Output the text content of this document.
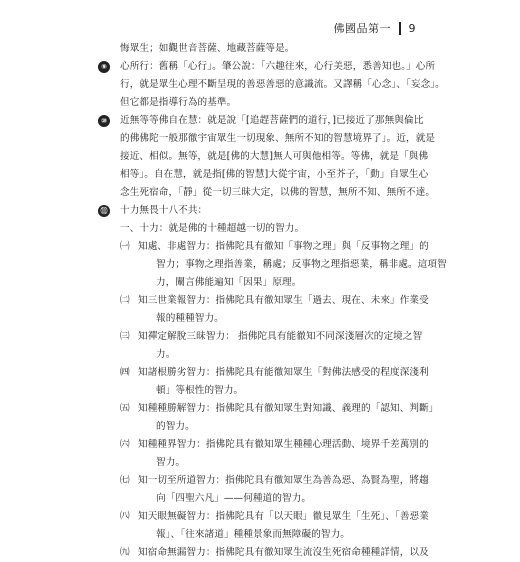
佛國品第一 9
悔眾生；如觀世音菩薩、地藏菩薩等是。
⑨	心所行：舊稱「心行」。肇公說：「六趣往來，心行美惡，悉善知也。」心所
行，就是眾生心理不斷呈現的善惡善惡的意識流。又譯稱「心念」、「妄念」。
但它都是指導行為的基準。
⑩	近無等等佛自在慧：就是說「[追趕菩薩們的道行，]已接近了那無與倫比
的佛佛陀一般那徹宇宙眾生一切現象、無所不知的智慧境界了」。近，就是
接近、相似。無等，就是[佛的大慧]無人可與他相等。等佛，就是「與佛
相等」。自在慧，就是指[佛的智慧]大從宇宙，小至芥子，「動」自眾生心
念生死宿命，「靜」從一切三昧大定，以佛的智慧，無所不知、無所不達。
⑪ 十力無畏十八不共：
一、十力：就是佛的十種超越一切的智力。
㈠ 知處、非處智力：指佛陀具有徹知「事物之理」與「反事物之理」的
智力；事物之理指善業，稱處；反事物之理指惡業，稱非處。這項智
力，闡言佛能遍知「因果」原理。
㈡ 知三世業報智力：指佛陀具有徹知眾生「過去、現在、未來」作業受
報的種種智力。
㈢ 知禪定解脫三昧智力： 指佛陀具有能徹知不同深淺層次的定境之智
力。
㈣ 知諸根勝劣智力：指佛陀具有能徹知眾生「對佛法感受的程度深淺利
頓」等根性的智力。
㈤ 知種種勝解智力：指佛陀具有徹知眾生對知識、義理的「認知、判斷」
的智力。
㈥ 知種種界智力：指佛陀具有徹知眾生種種心理活動、境界千差萬別的
智力。
㈦ 知一切至所道智力：指佛陀具有徹知眾生為善為惡、為賢為聖，將趨
向「四聖六凡」——何種道的智力。
㈧ 知天眼無礙智力：指佛陀具有「以天眼」徹見眾生「生死」、「善惡業
報」、「往來諸道」種種景象而無障礙的智力。
㈨ 知宿命無漏智力：指佛陀具有徹知眾生流沒生死宿命種種詳情，以及
